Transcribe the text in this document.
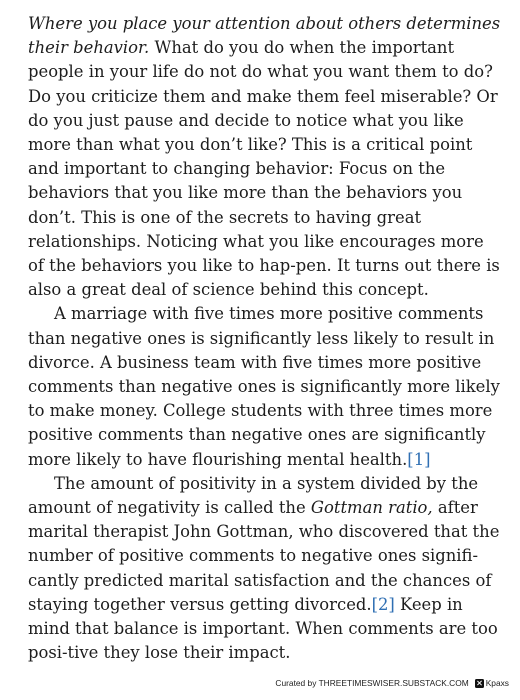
Where you place your attention about others determines their behavior. What do you do when the important people in your life do not do what you want them to do? Do you criticize them and make them feel miserable? Or do you just pause and decide to notice what you like more than what you don’t like? This is a critical point and important to changing behavior: Focus on the behaviors that you like more than the behaviors you don’t. This is one of the secrets to having great relationships. Noticing what you like encourages more of the behaviors you like to hap-pen. It turns out there is also a great deal of science behind this concept.

A marriage with five times more positive comments than negative ones is significantly less likely to result in divorce. A business team with five times more positive comments than negative ones is significantly more likely to make money. College students with three times more positive comments than negative ones are significantly more likely to have flourishing mental health.[1]

The amount of positivity in a system divided by the amount of negativity is called the Gottman ratio, after marital therapist John Gottman, who discovered that the number of positive comments to negative ones signifi-cantly predicted marital satisfaction and the chances of staying together versus getting divorced.[2] Keep in mind that balance is important. When comments are too posi-tive they lose their impact.

Curated by THREETIMESWISER.SUBSTACK.COM Kpaxs
